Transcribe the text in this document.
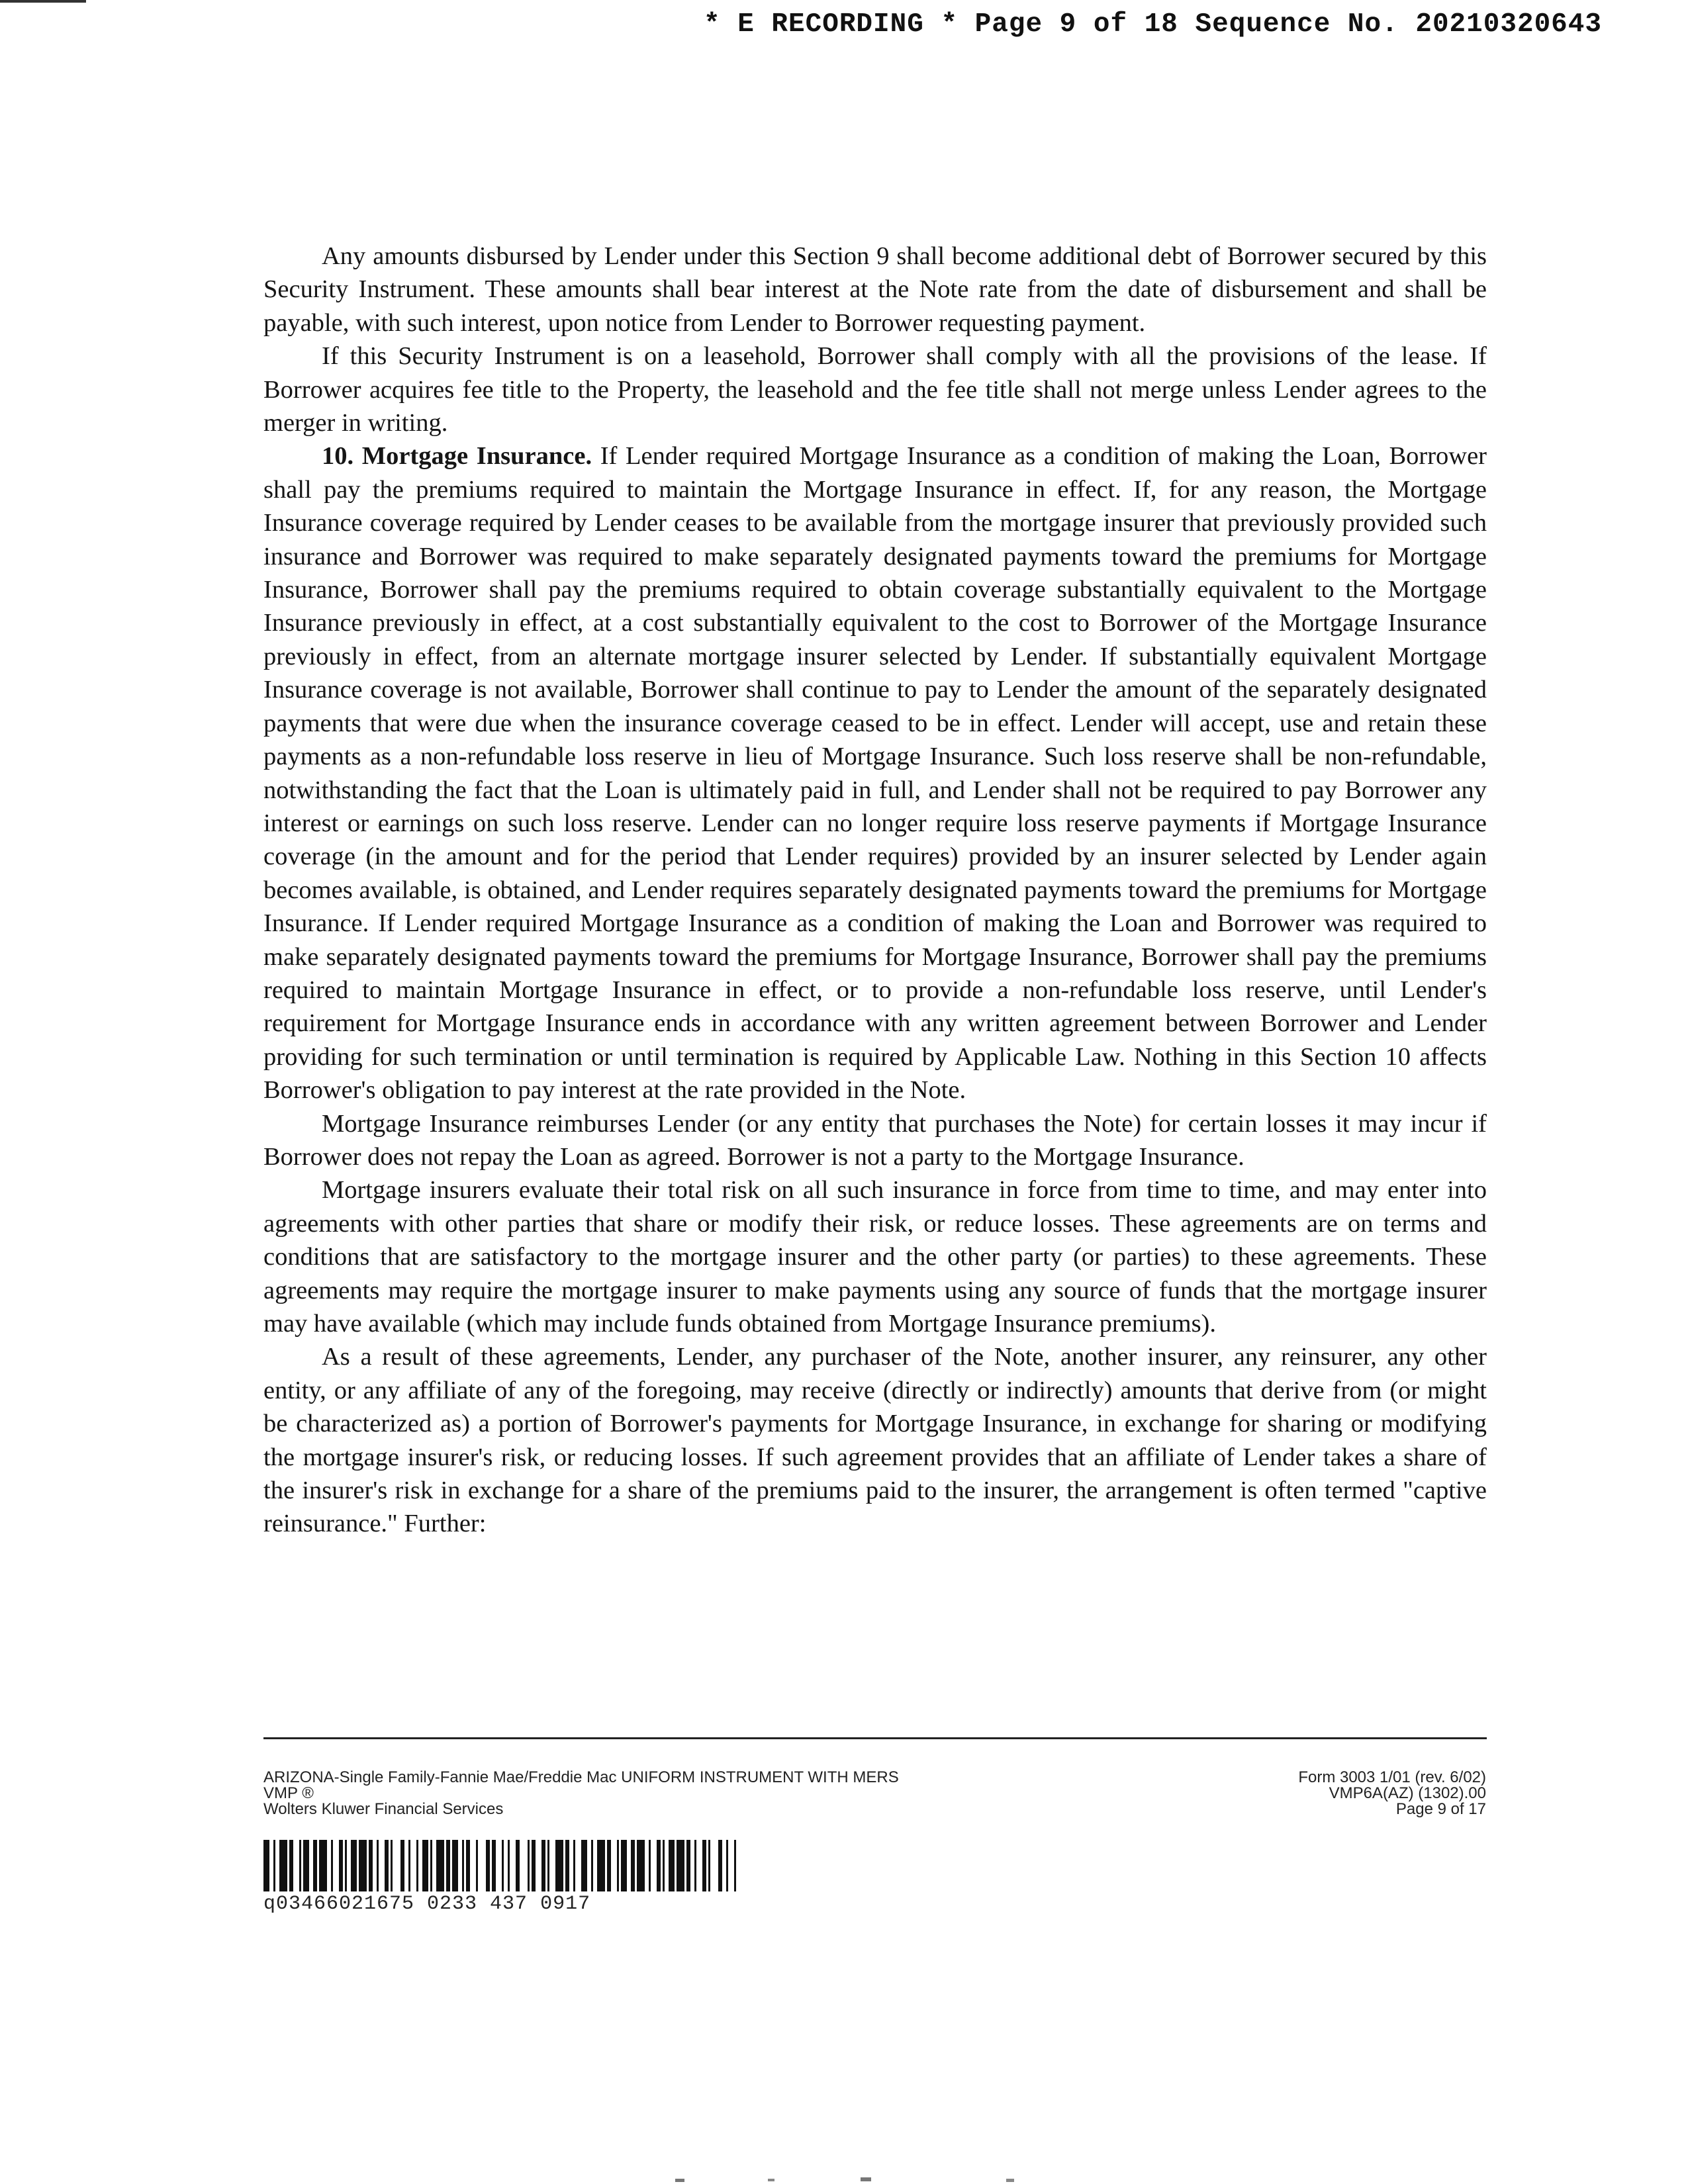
* E RECORDING * Page 9 of 18 Sequence No. 20210320643

Any amounts disbursed by Lender under this Section 9 shall become additional debt of Borrower secured by this Security Instrument. These amounts shall bear interest at the Note rate from the date of disbursement and shall be payable, with such interest, upon notice from Lender to Borrower requesting payment.

If this Security Instrument is on a leasehold, Borrower shall comply with all the provisions of the lease. If Borrower acquires fee title to the Property, the leasehold and the fee title shall not merge unless Lender agrees to the merger in writing.

10. Mortgage Insurance. If Lender required Mortgage Insurance as a condition of making the Loan, Borrower shall pay the premiums required to maintain the Mortgage Insurance in effect. If, for any reason, the Mortgage Insurance coverage required by Lender ceases to be available from the mortgage insurer that previously provided such insurance and Borrower was required to make separately designated payments toward the premiums for Mortgage Insurance, Borrower shall pay the premiums required to obtain coverage substantially equivalent to the Mortgage Insurance previously in effect, at a cost substantially equivalent to the cost to Borrower of the Mortgage Insurance previously in effect, from an alternate mortgage insurer selected by Lender. If substantially equivalent Mortgage Insurance coverage is not available, Borrower shall continue to pay to Lender the amount of the separately designated payments that were due when the insurance coverage ceased to be in effect. Lender will accept, use and retain these payments as a non-refundable loss reserve in lieu of Mortgage Insurance. Such loss reserve shall be non-refundable, notwithstanding the fact that the Loan is ultimately paid in full, and Lender shall not be required to pay Borrower any interest or earnings on such loss reserve. Lender can no longer require loss reserve payments if Mortgage Insurance coverage (in the amount and for the period that Lender requires) provided by an insurer selected by Lender again becomes available, is obtained, and Lender requires separately designated payments toward the premiums for Mortgage Insurance. If Lender required Mortgage Insurance as a condition of making the Loan and Borrower was required to make separately designated payments toward the premiums for Mortgage Insurance, Borrower shall pay the premiums required to maintain Mortgage Insurance in effect, or to provide a non-refundable loss reserve, until Lender's requirement for Mortgage Insurance ends in accordance with any written agreement between Borrower and Lender providing for such termination or until termination is required by Applicable Law. Nothing in this Section 10 affects Borrower's obligation to pay interest at the rate provided in the Note.

Mortgage Insurance reimburses Lender (or any entity that purchases the Note) for certain losses it may incur if Borrower does not repay the Loan as agreed. Borrower is not a party to the Mortgage Insurance.

Mortgage insurers evaluate their total risk on all such insurance in force from time to time, and may enter into agreements with other parties that share or modify their risk, or reduce losses. These agreements are on terms and conditions that are satisfactory to the mortgage insurer and the other party (or parties) to these agreements. These agreements may require the mortgage insurer to make payments using any source of funds that the mortgage insurer may have available (which may include funds obtained from Mortgage Insurance premiums).

As a result of these agreements, Lender, any purchaser of the Note, another insurer, any reinsurer, any other entity, or any affiliate of any of the foregoing, may receive (directly or indirectly) amounts that derive from (or might be characterized as) a portion of Borrower's payments for Mortgage Insurance, in exchange for sharing or modifying the mortgage insurer's risk, or reducing losses. If such agreement provides that an affiliate of Lender takes a share of the insurer's risk in exchange for a share of the premiums paid to the insurer, the arrangement is often termed "captive reinsurance." Further:

ARIZONA-Single Family-Fannie Mae/Freddie Mac UNIFORM INSTRUMENT WITH MERS
VMP ®
Wolters Kluwer Financial Services
Form 3003 1/01 (rev. 6/02)
VMP6A(AZ) (1302).00
Page 9 of 17
q03466021675 0233 437 0917
